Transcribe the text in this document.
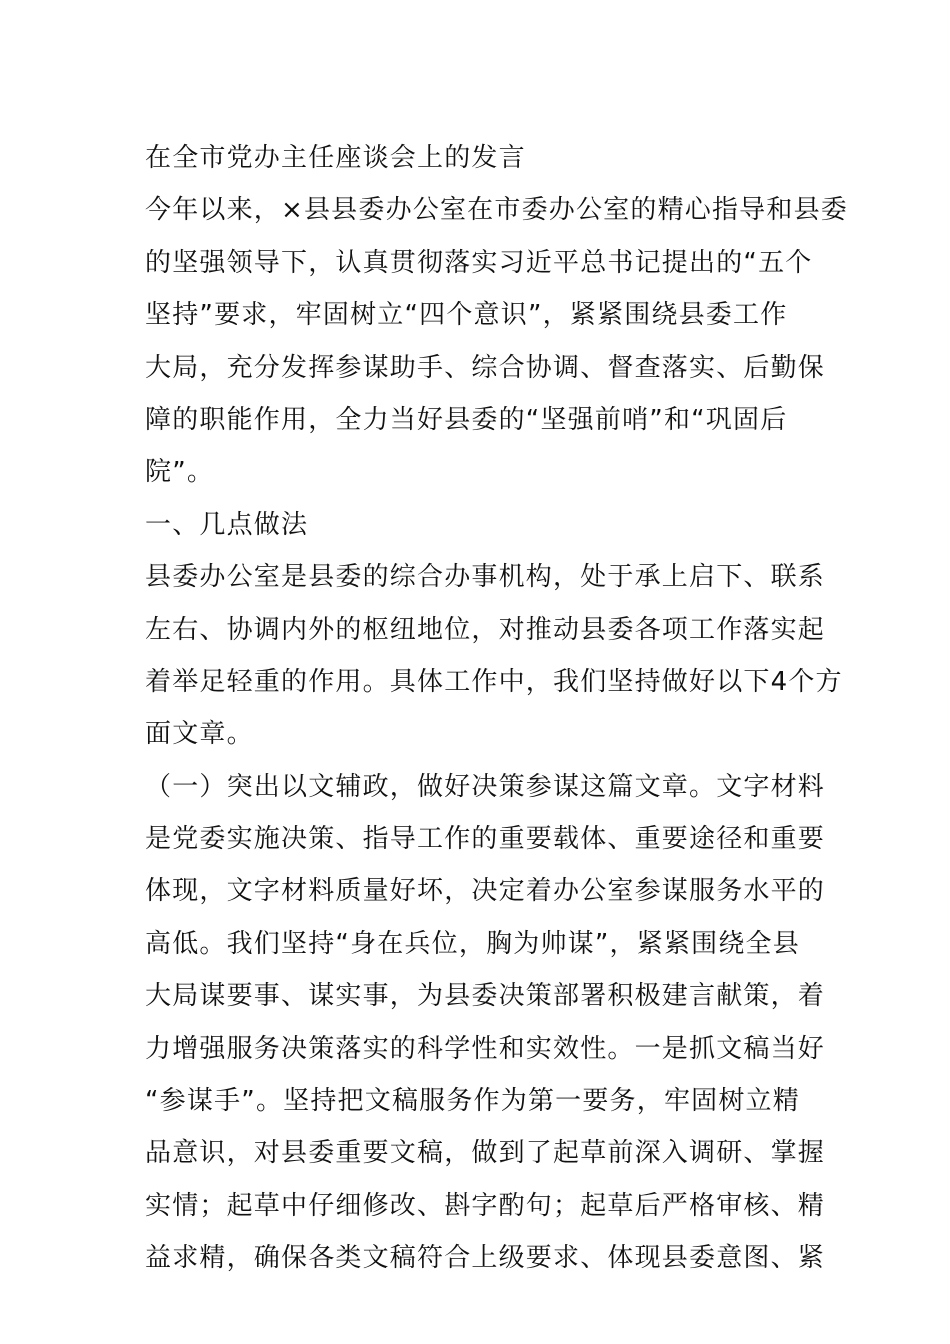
在全市党办主任座谈会上的发言
今年以来，×县县委办公室在市委办公室的精心指导和县委
的坚强领导下，认真贯彻落实习近平总书记提出的“五个
坚持”要求，牢固树立“四个意识”，紧紧围绕县委工作
大局，充分发挥参谋助手、综合协调、督查落实、后勤保
障的职能作用，全力当好县委的“坚强前哨”和“巩固后
院”。
一、几点做法
县委办公室是县委的综合办事机构，处于承上启下、联系
左右、协调内外的枢纽地位，对推动县委各项工作落实起
着举足轻重的作用。具体工作中，我们坚持做好以下4个方
面文章。
（一）突出以文辅政，做好决策参谋这篇文章。文字材料
是党委实施决策、指导工作的重要载体、重要途径和重要
体现，文字材料质量好坏，决定着办公室参谋服务水平的
高低。我们坚持“身在兵位，胸为帅谋”，紧紧围绕全县
大局谋要事、谋实事，为县委决策部署积极建言献策，着
力增强服务决策落实的科学性和实效性。一是抓文稿当好
“参谋手”。坚持把文稿服务作为第一要务，牢固树立精
品意识，对县委重要文稿，做到了起草前深入调研、掌握
实情；起草中仔细修改、斟字酌句；起草后严格审核、精
益求精，确保各类文稿符合上级要求、体现县委意图、紧
